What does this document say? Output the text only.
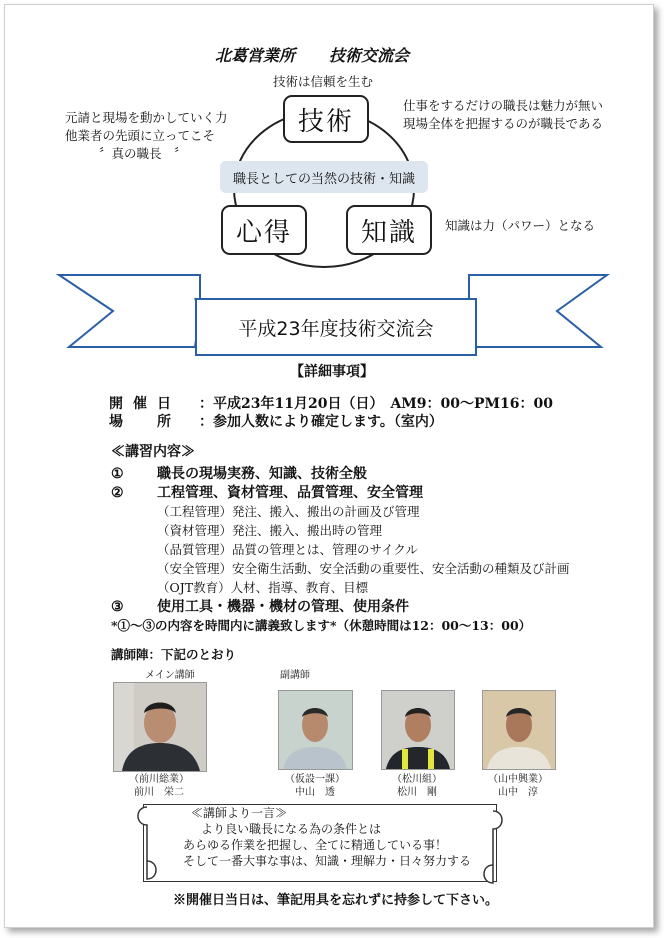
北葛営業所 技術交流会
技術は信頼を生む
技術
職長としての当然の技術・知識
心得	知識
元請と現場を動かしていく力
他業者の先頭に立ってこそ
〞真の職長　〞
仕事をするだけの職長は魅力が無い
現場全体を把握するのが職長である
知識は力（パワー）となる
平成23年度技術交流会
【詳細事項】
開催日 ：平成23年11月20日（日）　AM9：00～PM16：00
場　所 ：参加人数により確定します。（室内）
≪講習内容≫
① 職長の現場実務、知識、技術全般
② 工程管理、資材管理、品質管理、安全管理
（工程管理）発注、搬入、搬出の計画及び管理
（資材管理）発注、搬入、搬出時の管理
（品質管理）品質の管理とは、管理のサイクル
（安全管理）安全衛生活動、安全活動の重要性、安全活動の種類及び計画
（OJT教育）人材、指導、教育、目標
③ 使用工具・機器・機材の管理、使用条件
*①～③の内容を時間内に講義致します*（休憩時間は12：00～13：00）
講師陣：下記のとおり
メイン講師	副講師
（前川総業）
前川　栄二
（仮設一課）
中山　透
（松川組）
松川　剛
（山中興業）
山中　淳
≪講師より一言≫
より良い職長になる為の条件とは
あらゆる作業を把握し、全てに精通している事！
そして一番大事な事は、知識・理解力・日々努力する
※開催日当日は、筆記用具を忘れずに持参して下さい。
